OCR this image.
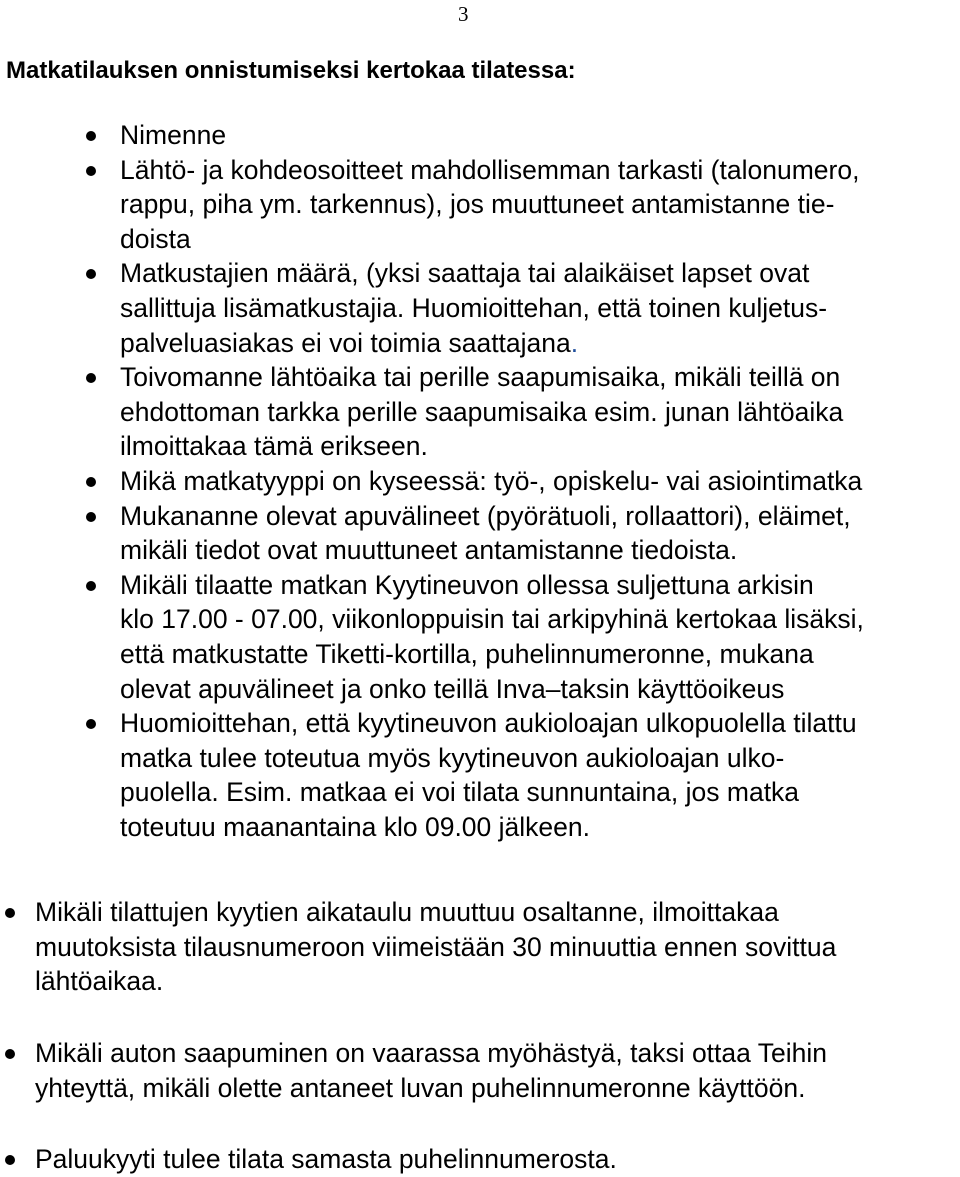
3
Matkatilauksen onnistumiseksi kertokaa tilatessa:
Nimenne
Lähtö- ja kohdeosoitteet mahdollisemman tarkasti (talonumero,
rappu, piha ym. tarkennus), jos muuttuneet antamistanne tie-
doista
Matkustajien määrä, (yksi saattaja tai alaikäiset lapset ovat
sallittuja lisämatkustajia. Huomioittehan, että toinen kuljetus-
palveluasiakas ei voi toimia saattajana.
Toivomanne lähtöaika tai perille saapumisaika, mikäli teillä on
ehdottoman tarkka perille saapumisaika esim. junan lähtöaika
ilmoittakaa tämä erikseen.
Mikä matkatyyppi on kyseessä: työ-, opiskelu- vai asiointimatka
Mukananne olevat apuvälineet (pyörätuoli, rollaattori), eläimet,
mikäli tiedot ovat muuttuneet antamistanne tiedoista.
Mikäli tilaatte matkan Kyytineuvon ollessa suljettuna arkisin
klo 17.00 - 07.00, viikonloppuisin tai arkipyhinä kertokaa lisäksi,
että matkustatte Tiketti-kortilla, puhelinnumeronne, mukana
olevat apuvälineet ja onko teillä Inva–taksin käyttöoikeus
Huomioittehan, että kyytineuvon aukioloajan ulkopuolella tilattu
matka tulee toteutua myös kyytineuvon aukioloajan ulko-
puolella. Esim. matkaa ei voi tilata sunnuntaina, jos matka
toteutuu maanantaina klo 09.00 jälkeen.
Mikäli tilattujen kyytien aikataulu muuttuu osaltanne, ilmoittakaa
muutoksista tilausnumeroon viimeistään 30 minuuttia ennen sovittua
lähtöaikaa.
Mikäli auton saapuminen on vaarassa myöhästyä, taksi ottaa Teihin
yhteyttä, mikäli olette antaneet luvan puhelinnumeronne käyttöön.
Paluukyyti tulee tilata samasta puhelinnumerosta.
